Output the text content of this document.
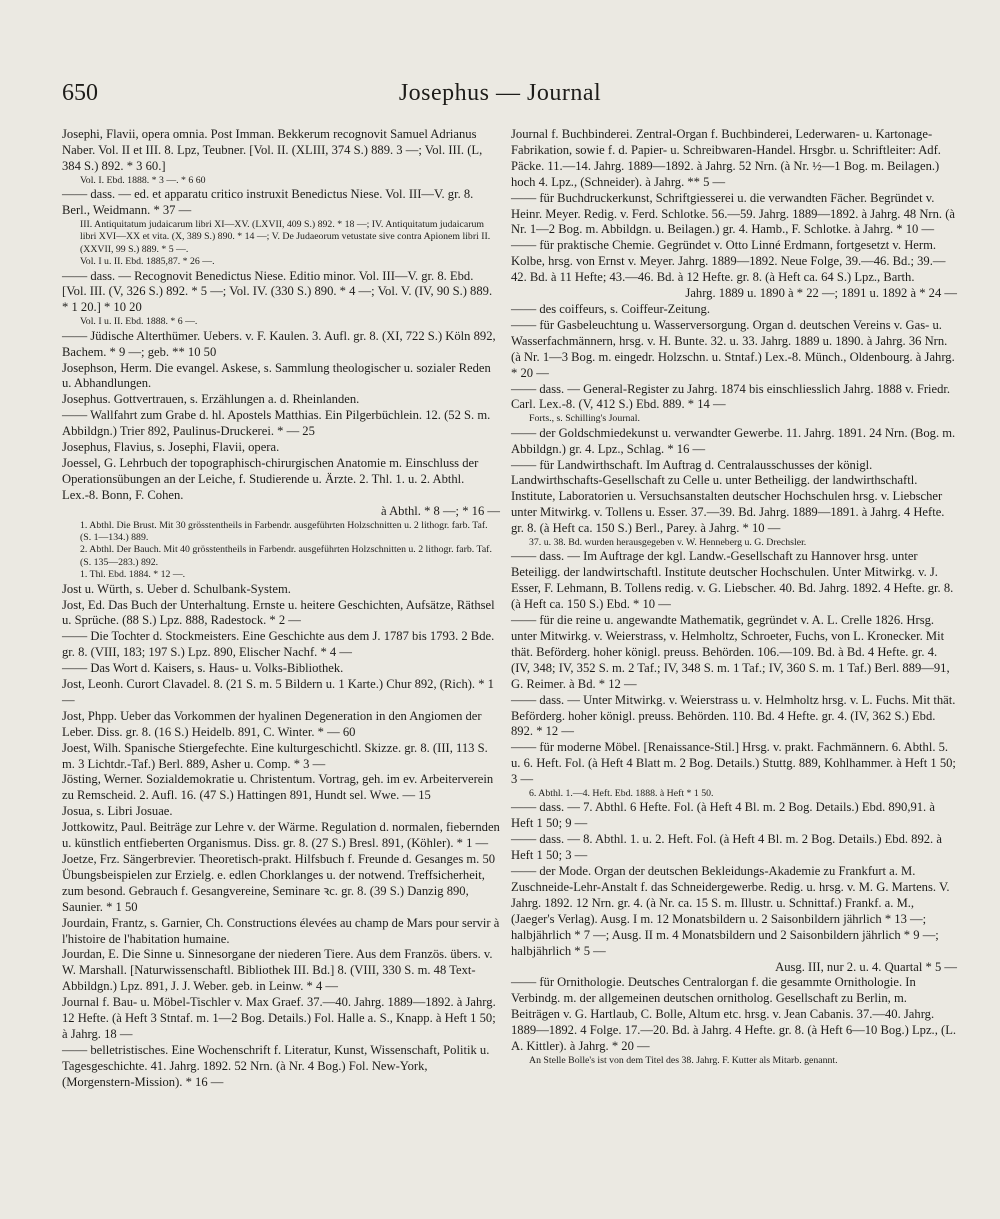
650	Josephus — Journal

Josephi, Flavii, opera omnia. Post Imman. Bekkerum recognovit Samuel Adrianus Naber. Vol. II et III. 8. Lpz, Teubner. [Vol. II. (XLIII, 374 S.) 889. 3 —; Vol. III. (L, 384 S.) 892. * 3 60.]

Vol. I. Ebd. 1888. * 3 —. * 6 60

—— dass. — ed. et apparatu critico instruxit Benedictus Niese. Vol. III—V. gr. 8. Berl., Weidmann. * 37 —

III. Antiquitatum judaicarum libri XI—XV. (LXVII, 409 S.) 892. * 18 —; IV. Antiquitatum judaicarum libri XVI—XX et vita. (X, 389 S.) 890. * 14 —; V. De Judaeorum vetustate sive contra Apionem libri II. (XXVII, 99 S.) 889. * 5 —.

Vol. I u. II. Ebd. 1885,87. * 26 —.

—— dass. — Recognovit Benedictus Niese. Editio minor. Vol. III—V. gr. 8. Ebd. [Vol. III. (V, 326 S.) 892. * 5 —; Vol. IV. (330 S.) 890. * 4 —; Vol. V. (IV, 90 S.) 889. * 1 20.] * 10 20

Vol. I u. II. Ebd. 1888. * 6 —.

—— Jüdische Alterthümer. Uebers. v. F. Kaulen. 3. Aufl. gr. 8. (XI, 722 S.) Köln 892, Bachem. * 9 —; geb. ** 10 50

Josephson, Herm. Die evangel. Askese, s. Sammlung theologischer u. sozialer Reden u. Abhandlungen.

Josephus. Gottvertrauen, s. Erzählungen a. d. Rheinlanden.

—— Wallfahrt zum Grabe d. hl. Apostels Matthias. Ein Pilgerbüchlein. 12. (52 S. m. Abbildgn.) Trier 892, Paulinus-Druckerei. * — 25

Josephus, Flavius, s. Josephi, Flavii, opera.

Joessel, G. Lehrbuch der topographisch-chirurgischen Anatomie m. Einschluss der Operationsübungen an der Leiche, f. Studierende u. Ärzte. 2. Thl. 1. u. 2. Abthl. Lex.-8. Bonn, F. Cohen.

à Abthl. * 8 —; * 16 —

1. Abthl. Die Brust. Mit 30 grösstentheils in Farbendr. ausgeführten Holzschnitten u. 2 lithogr. farb. Taf. (S. 1—134.) 889.

2. Abthl. Der Bauch. Mit 40 grösstentheils in Farbendr. ausgeführten Holzschnitten u. 2 lithogr. farb. Taf. (S. 135—283.) 892.

1. Thl. Ebd. 1884. * 12 —.

Jost u. Würth, s. Ueber d. Schulbank-System.

Jost, Ed. Das Buch der Unterhaltung. Ernste u. heitere Geschichten, Aufsätze, Räthsel u. Sprüche. (88 S.) Lpz. 888, Radestock. * 2 —

—— Die Tochter d. Stockmeisters. Eine Geschichte aus dem J. 1787 bis 1793. 2 Bde. gr. 8. (VIII, 183; 197 S.) Lpz. 890, Elischer Nachf. * 4 —

—— Das Wort d. Kaisers, s. Haus- u. Volks-Bibliothek.

Jost, Leonh. Curort Clavadel. 8. (21 S. m. 5 Bildern u. 1 Karte.) Chur 892, (Rich). * 1 —

Jost, Phpp. Ueber das Vorkommen der hyalinen Degeneration in den Angiomen der Leber. Diss. gr. 8. (16 S.) Heidelb. 891, C. Winter. * — 60

Joest, Wilh. Spanische Stiergefechte. Eine kulturgeschichtl. Skizze. gr. 8. (III, 113 S. m. 3 Lichtdr.-Taf.) Berl. 889, Asher u. Comp. * 3 —

Jösting, Werner. Sozialdemokratie u. Christentum. Vortrag, geh. im ev. Arbeiterverein zu Remscheid. 2. Aufl. 16. (47 S.) Hattingen 891, Hundt sel. Wwe. — 15

Josua, s. Libri Josuae.

Jottkowitz, Paul. Beiträge zur Lehre v. der Wärme. Regulation d. normalen, fiebernden u. künstlich entfieberten Organismus. Diss. gr. 8. (27 S.) Bresl. 891, (Köhler). * 1 —

Joetze, Frz. Sängerbrevier. Theoretisch-prakt. Hilfsbuch f. Freunde d. Gesanges m. 50 Übungsbeispielen zur Erzielg. e. edlen Chorklanges u. der notwend. Treffsicherheit, zum besond. Gebrauch f. Gesangvereine, Seminare ꝛc. gr. 8. (39 S.) Danzig 890, Saunier. * 1 50

Jourdain, Frantz, s. Garnier, Ch. Constructions élevées au champ de Mars pour servir à l'histoire de l'habitation humaine.

Jourdan, E. Die Sinne u. Sinnesorgane der niederen Tiere. Aus dem Französ. übers. v. W. Marshall. [Naturwissenschaftl. Bibliothek III. Bd.] 8. (VIII, 330 S. m. 48 Text-Abbildgn.) Lpz. 891, J. J. Weber. geb. in Leinw. * 4 —

Journal f. Bau- u. Möbel-Tischler v. Max Graef. 37.—40. Jahrg. 1889—1892. à Jahrg. 12 Hefte. (à Heft 3 Stntaf. m. 1—2 Bog. Details.) Fol. Halle a. S., Knapp. à Heft 1 50; à Jahrg. 18 —

—— belletristisches. Eine Wochenschrift f. Literatur, Kunst, Wissenschaft, Politik u. Tagesgeschichte. 41. Jahrg. 1892. 52 Nrn. (à Nr. 4 Bog.) Fol. New-York, (Morgenstern-Mission). * 16 —

Journal f. Buchbinderei. Zentral-Organ f. Buchbinderei, Lederwaren- u. Kartonage-Fabrikation, sowie f. d. Papier- u. Schreibwaren-Handel. Hrsgbr. u. Schriftleiter: Adf. Päcke. 11.—14. Jahrg. 1889—1892. à Jahrg. 52 Nrn. (à Nr. ½—1 Bog. m. Beilagen.) hoch 4. Lpz., (Schneider). à Jahrg. ** 5 —

—— für Buchdruckerkunst, Schriftgiesserei u. die verwandten Fächer. Begründet v. Heinr. Meyer. Redig. v. Ferd. Schlotke. 56.—59. Jahrg. 1889—1892. à Jahrg. 48 Nrn. (à Nr. 1—2 Bog. m. Abbildgn. u. Beilagen.) gr. 4. Hamb., F. Schlotke. à Jahrg. * 10 —

—— für praktische Chemie. Gegründet v. Otto Linné Erdmann, fortgesetzt v. Herm. Kolbe, hrsg. von Ernst v. Meyer. Jahrg. 1889—1892. Neue Folge, 39.—46. Bd.; 39.—42. Bd. à 11 Hefte; 43.—46. Bd. à 12 Hefte. gr. 8. (à Heft ca. 64 S.) Lpz., Barth.

Jahrg. 1889 u. 1890 à * 22 —; 1891 u. 1892 à * 24 —

—— des coiffeurs, s. Coiffeur-Zeitung.

—— für Gasbeleuchtung u. Wasserversorgung. Organ d. deutschen Vereins v. Gas- u. Wasserfachmännern, hrsg. v. H. Bunte. 32. u. 33. Jahrg. 1889 u. 1890. à Jahrg. 36 Nrn. (à Nr. 1—3 Bog. m. eingedr. Holzschn. u. Stntaf.) Lex.-8. Münch., Oldenbourg. à Jahrg. * 20 —

—— dass. — General-Register zu Jahrg. 1874 bis einschliesslich Jahrg. 1888 v. Friedr. Carl. Lex.-8. (V, 412 S.) Ebd. 889. * 14 —

Forts., s. Schilling's Journal.

—— der Goldschmiedekunst u. verwandter Gewerbe. 11. Jahrg. 1891. 24 Nrn. (Bog. m. Abbildgn.) gr. 4. Lpz., Schlag. * 16 —

—— für Landwirthschaft. Im Auftrag d. Centralausschusses der königl. Landwirthschafts-Gesellschaft zu Celle u. unter Betheiligg. der landwirthschaftl. Institute, Laboratorien u. Versuchsanstalten deutscher Hochschulen hrsg. v. Liebscher unter Mitwirkg. v. Tollens u. Esser. 37.—39. Bd. Jahrg. 1889—1891. à Jahrg. 4 Hefte. gr. 8. (à Heft ca. 150 S.) Berl., Parey. à Jahrg. * 10 —

37. u. 38. Bd. wurden herausgegeben v. W. Henneberg u. G. Drechsler.

—— dass. — Im Auftrage der kgl. Landw.-Gesellschaft zu Hannover hrsg. unter Beteiligg. der landwirtschaftl. Institute deutscher Hochschulen. Unter Mitwirkg. v. J. Esser, F. Lehmann, B. Tollens redig. v. G. Liebscher. 40. Bd. Jahrg. 1892. 4 Hefte. gr. 8. (à Heft ca. 150 S.) Ebd. * 10 —

—— für die reine u. angewandte Mathematik, gegründet v. A. L. Crelle 1826. Hrsg. unter Mitwirkg. v. Weierstrass, v. Helmholtz, Schroeter, Fuchs, von L. Kronecker. Mit thät. Beförderg. hoher königl. preuss. Behörden. 106.—109. Bd. à Bd. 4 Hefte. gr. 4. (IV, 348; IV, 352 S. m. 2 Taf.; IV, 348 S. m. 1 Taf.; IV, 360 S. m. 1 Taf.) Berl. 889—91, G. Reimer. à Bd. * 12 —

—— dass. — Unter Mitwirkg. v. Weierstrass u. v. Helmholtz hrsg. v. L. Fuchs. Mit thät. Beförderg. hoher königl. preuss. Behörden. 110. Bd. 4 Hefte. gr. 4. (IV, 362 S.) Ebd. 892. * 12 —

—— für moderne Möbel. [Renaissance-Stil.] Hrsg. v. prakt. Fachmännern. 6. Abthl. 5. u. 6. Heft. Fol. (à Heft 4 Blatt m. 2 Bog. Details.) Stuttg. 889, Kohlhammer. à Heft 1 50; 3 —

6. Abthl. 1.—4. Heft. Ebd. 1888. à Heft * 1 50.

—— dass. — 7. Abthl. 6 Hefte. Fol. (à Heft 4 Bl. m. 2 Bog. Details.) Ebd. 890,91. à Heft 1 50; 9 —

—— dass. — 8. Abthl. 1. u. 2. Heft. Fol. (à Heft 4 Bl. m. 2 Bog. Details.) Ebd. 892. à Heft 1 50; 3 —

—— der Mode. Organ der deutschen Bekleidungs-Akademie zu Frankfurt a. M. Zuschneide-Lehr-Anstalt f. das Schneidergewerbe. Redig. u. hrsg. v. M. G. Martens. V. Jahrg. 1892. 12 Nrn. gr. 4. (à Nr. ca. 15 S. m. Illustr. u. Schnittaf.) Frankf. a. M., (Jaeger's Verlag). Ausg. I m. 12 Monatsbildern u. 2 Saisonbildern jährlich * 13 —; halbjährlich * 7 —; Ausg. II m. 4 Monatsbildern und 2 Saisonbildern jährlich * 9 —; halbjährlich * 5 —

Ausg. III, nur 2. u. 4. Quartal * 5 —

—— für Ornithologie. Deutsches Centralorgan f. die gesammte Ornithologie. In Verbindg. m. der allgemeinen deutschen ornitholog. Gesellschaft zu Berlin, m. Beiträgen v. G. Hartlaub, C. Bolle, Altum etc. hrsg. v. Jean Cabanis. 37.—40. Jahrg. 1889—1892. 4 Folge. 17.—20. Bd. à Jahrg. 4 Hefte. gr. 8. (à Heft 6—10 Bog.) Lpz., (L. A. Kittler). à Jahrg. * 20 —

An Stelle Bolle's ist von dem Titel des 38. Jahrg. F. Kutter als Mitarb. genannt.
